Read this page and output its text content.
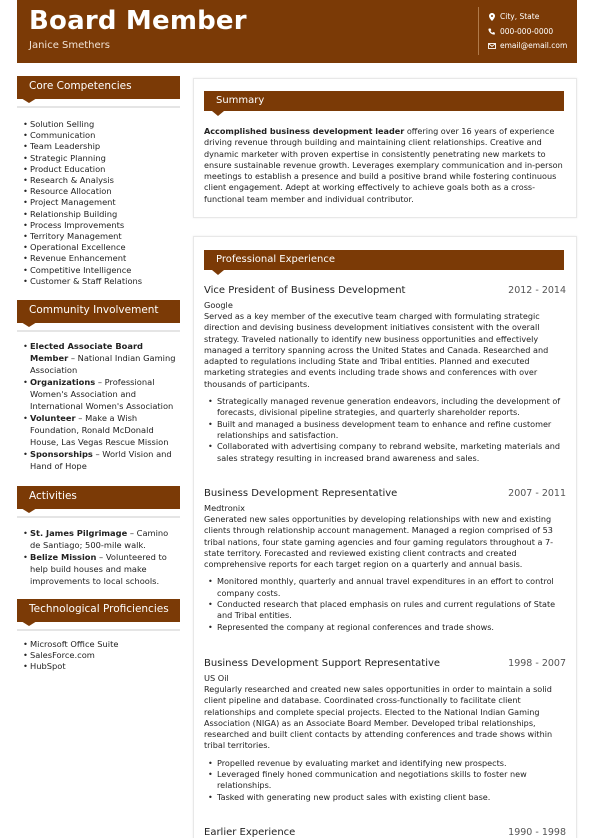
Board Member
Janice Smethers
City, State
000-000-0000
email@email.com
Core Competencies
• Solution Selling
• Communication
• Team Leadership
• Strategic Planning
• Product Education
• Research & Analysis
• Resource Allocation
• Project Management
• Relationship Building
• Process Improvements
• Territory Management
• Operational Excellence
• Revenue Enhancement
• Competitive Intelligence
• Customer & Staff Relations
Community Involvement
• Elected Associate Board Member – National Indian Gaming Association
• Organizations – Professional Women's Association and International Women's Association
• Volunteer – Make a Wish Foundation, Ronald McDonald House, Las Vegas Rescue Mission
• Sponsorships – World Vision and Hand of Hope
Activities
• St. James Pilgrimage – Camino de Santiago; 500-mile walk.
• Belize Mission – Volunteered to help build houses and make improvements to local schools.
Technological Proficiencies
• Microsoft Office Suite
• SalesForce.com
• HubSpot
Summary
Accomplished business development leader offering over 16 years of experience driving revenue through building and maintaining client relationships. Creative and dynamic marketer with proven expertise in consistently penetrating new markets to ensure sustainable revenue growth. Leverages exemplary communication and in-person meetings to establish a presence and build a positive brand while fostering continuous client engagement. Adept at working effectively to achieve goals both as a cross-functional team member and individual contributor.
Professional Experience
Vice President of Business Development	2012 - 2014
Google
Served as a key member of the executive team charged with formulating strategic direction and devising business development initiatives consistent with the overall strategy. Traveled nationally to identify new business opportunities and effectively managed a territory spanning across the United States and Canada. Researched and adapted to regulations including State and Tribal entities. Planned and executed marketing strategies and events including trade shows and conferences with over thousands of participants.
• Strategically managed revenue generation endeavors, including the development of forecasts, divisional pipeline strategies, and quarterly shareholder reports.
• Built and managed a business development team to enhance and refine customer relationships and satisfaction.
• Collaborated with advertising company to rebrand website, marketing materials and sales strategy resulting in increased brand awareness and sales.
Business Development Representative	2007 - 2011
Medtronix
Generated new sales opportunities by developing relationships with new and existing clients through relationship account management. Managed a region comprised of 53 tribal nations, four state gaming agencies and four gaming regulators throughout a 7-state territory. Forecasted and reviewed existing client contracts and created comprehensive reports for each target region on a quarterly and annual basis.
• Monitored monthly, quarterly and annual travel expenditures in an effort to control company costs.
• Conducted research that placed emphasis on rules and current regulations of State and Tribal entities.
• Represented the company at regional conferences and trade shows.
Business Development Support Representative	1998 - 2007
US Oil
Regularly researched and created new sales opportunities in order to maintain a solid client pipeline and database. Coordinated cross-functionally to facilitate client relationships and complete special projects. Elected to the National Indian Gaming Association (NIGA) as an Associate Board Member. Developed tribal relationships, researched and built client contacts by attending conferences and trade shows within tribal territories.
• Propelled revenue by evaluating market and identifying new prospects.
• Leveraged finely honed communication and negotiations skills to foster new relationships.
• Tasked with generating new product sales with existing client base.
Earlier Experience	1990 - 1998
